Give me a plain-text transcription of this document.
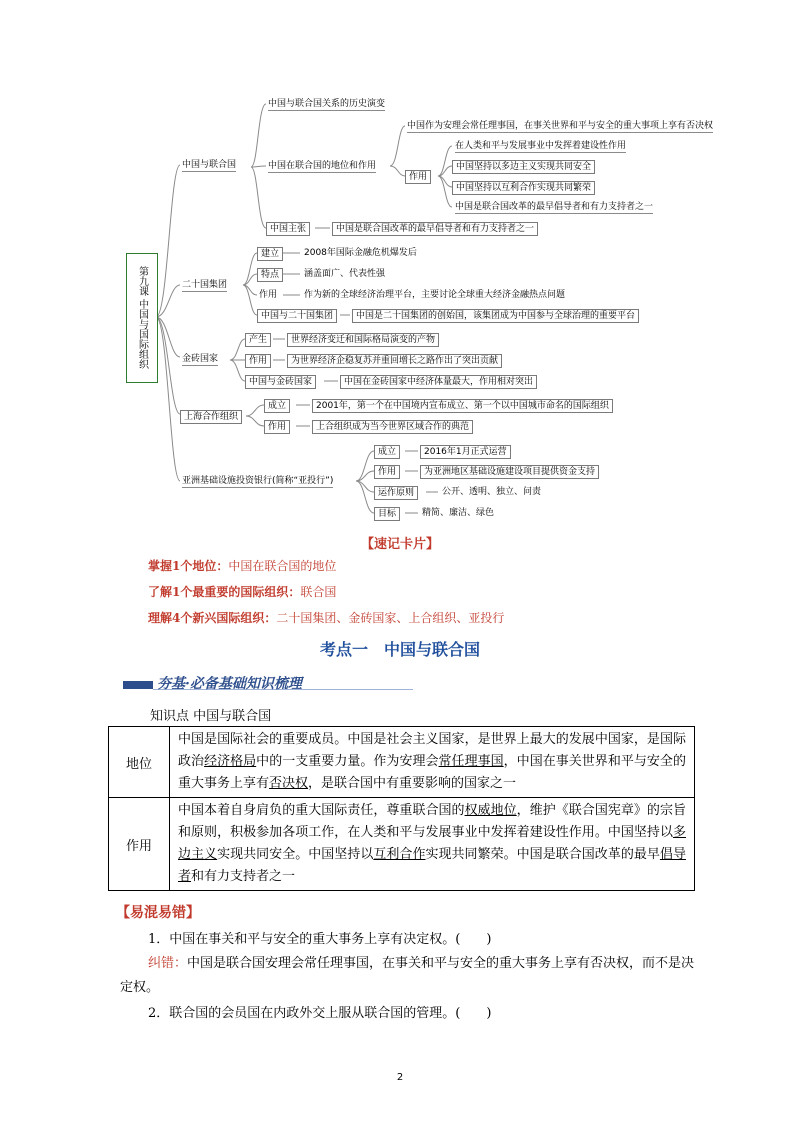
第九课 中国与国际组织
中国与联合国
中国与联合国关系的历史演变
中国在联合国的地位和作用
中国作为安理会常任理事国，在事关世界和平与安全的重大事项上享有否决权
作用
在人类和平与发展事业中发挥着建设性作用
中国坚持以多边主义实现共同安全
中国坚持以互利合作实现共同繁荣
中国是联合国改革的最早倡导者和有力支持者之一
中国主张	中国是联合国改革的最早倡导者和有力支持者之一
二十国集团
建立	2008年国际金融危机爆发后
特点	涵盖面广、代表性强
作用	作为新的全球经济治理平台，主要讨论全球重大经济金融热点问题
中国与二十国集团	中国是二十国集团的创始国，该集团成为中国参与全球治理的重要平台
金砖国家
产生	世界经济变迁和国际格局演变的产物
作用	为世界经济企稳复苏并重回增长之路作出了突出贡献
中国与金砖国家	中国在金砖国家中经济体量最大，作用相对突出
上海合作组织
成立	2001年，第一个在中国境内宣布成立、第一个以中国城市命名的国际组织
作用	上合组织成为当今世界区域合作的典范
亚洲基础设施投资银行(简称“亚投行”)
成立	2016年1月正式运营
作用	为亚洲地区基础设施建设项目提供资金支持
运作原则	公开、透明、独立、问责
目标	精简、廉洁、绿色
【速记卡片】
掌握1个地位：中国在联合国的地位
了解1个最重要的国际组织：联合国
理解4个新兴国际组织：二十国集团、金砖国家、上合组织、亚投行
考点一　中国与联合国
夯基·必备基础知识梳理
知识点 中国与联合国
地位	中国是国际社会的重要成员。中国是社会主义国家，是世界上最大的发展中国家，是国际政治经济格局中的一支重要力量。作为安理会常任理事国，中国在事关世界和平与安全的重大事务上享有否决权，是联合国中有重要影响的国家之一
作用	中国本着自身肩负的重大国际责任，尊重联合国的权威地位，维护《联合国宪章》的宗旨和原则，积极参加各项工作，在人类和平与发展事业中发挥着建设性作用。中国坚持以多边主义实现共同安全。中国坚持以互利合作实现共同繁荣。中国是联合国改革的最早倡导者和有力支持者之一
【易混易错】
1．中国在事关和平与安全的重大事务上享有决定权。(　　)
纠错：中国是联合国安理会常任理事国，在事关和平与安全的重大事务上享有否决权，而不是决定权。
2．联合国的会员国在内政外交上服从联合国的管理。(　　)
2
